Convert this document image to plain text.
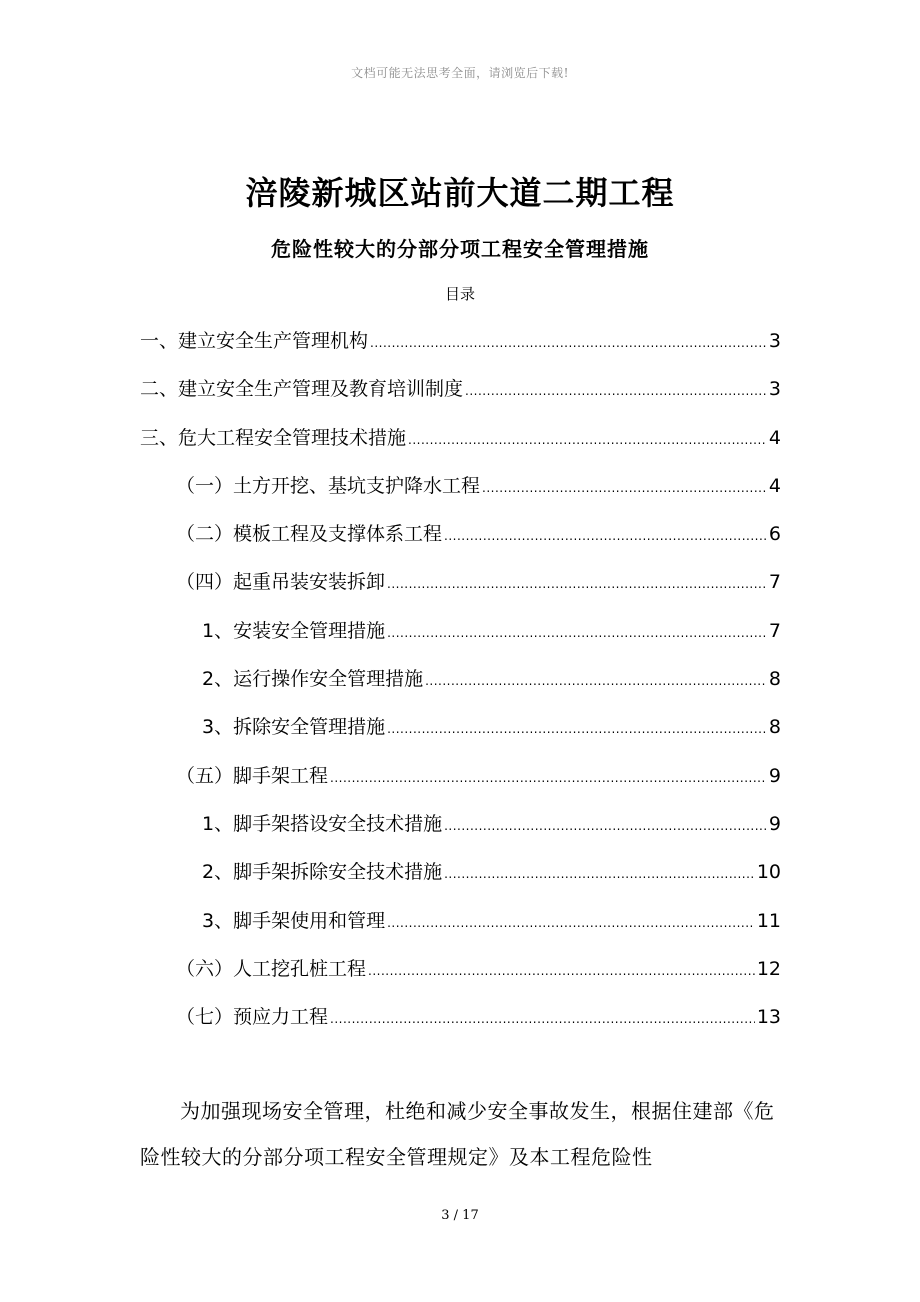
文档可能无法思考全面，请浏览后下载!
涪陵新城区站前大道二期工程
危险性较大的分部分项工程安全管理措施
目录
一、建立安全生产管理机构 .....	3
二、建立安全生产管理及教育培训制度 .....	3
三、危大工程安全管理技术措施 .....	4
（一）土方开挖、基坑支护降水工程 .....	4
（二）模板工程及支撑体系工程 .....	6
（四）起重吊装安装拆卸 .....	7
1、安装安全管理措施 .....	7
2、运行操作安全管理措施 .....	8
3、拆除安全管理措施 .....	8
（五）脚手架工程 .....	9
1、脚手架搭设安全技术措施 .....	9
2、脚手架拆除安全技术措施 .....	10
3、脚手架使用和管理 .....	11
（六）人工挖孔桩工程 .....	12
（七）预应力工程 .....	13
为加强现场安全管理，杜绝和减少安全事故发生，根据住建部《危险性较大的分部分项工程安全管理规定》及本工程危险性
3 / 17
